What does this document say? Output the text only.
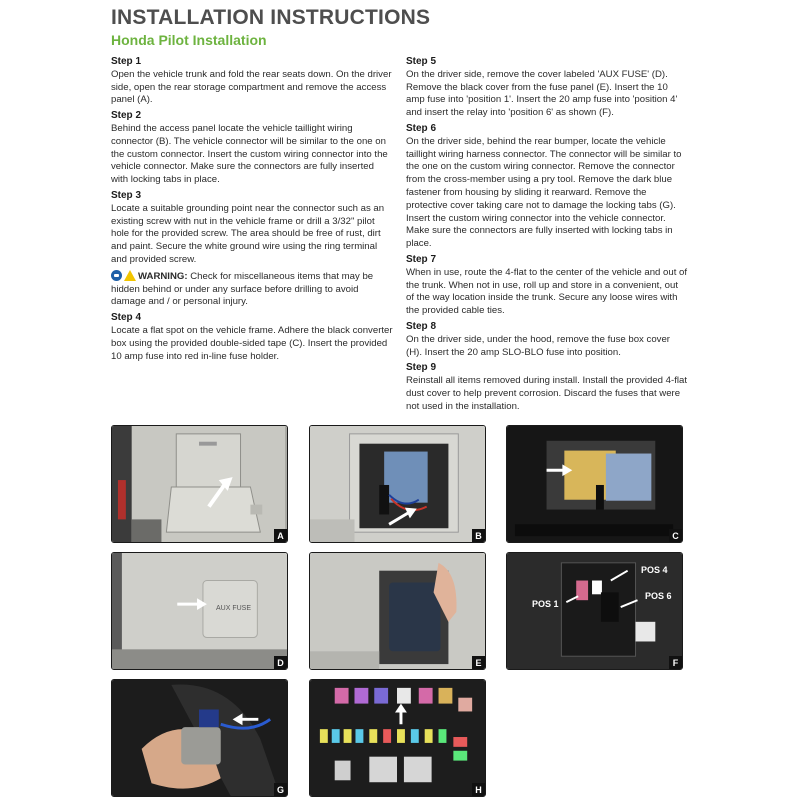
INSTALLATION INSTRUCTIONS
Honda Pilot Installation
Step 1
Open the vehicle trunk and fold the rear seats down. On the driver side, open the rear storage compartment and remove the access panel (A).
Step 2
Behind the access panel locate the vehicle taillight wiring connector (B). The vehicle connector will be similar to the one on the custom connector. Insert the custom wiring connector into the vehicle connector. Make sure the connectors are fully inserted with locking tabs in place.
Step 3
Locate a suitable grounding point near the connector such as an existing screw with nut in the vehicle frame or drill a 3/32" pilot hole for the provided screw. The area should be free of rust, dirt and paint. Secure the white ground wire using the ring terminal and provided screw.
WARNING: Check for miscellaneous items that may be hidden behind or under any surface before drilling to avoid damage and / or personal injury.
Step 4
Locate a flat spot on the vehicle frame. Adhere the black converter box using the provided double-sided tape (C). Insert the provided 10 amp fuse into red in-line fuse holder.
Step 5
On the driver side, remove the cover labeled 'AUX FUSE' (D). Remove the black cover from the fuse panel (E). Insert the 10 amp fuse into 'position 1'. Insert the 20 amp fuse into 'position 4' and insert the relay into 'position 6' as shown (F).
Step 6
On the driver side, behind the rear bumper, locate the vehicle taillight wiring harness connector. The connector will be similar to the one on the custom wiring connector. Remove the connector from the cross-member using a pry tool. Remove the dark blue fastener from housing by sliding it rearward. Remove the protective cover taking care not to damage the locking tabs (G). Insert the custom wiring connector into the vehicle connector. Make sure the connectors are fully inserted with locking tabs in place.
Step 7
When in use, route the 4-flat to the center of the vehicle and out of the trunk. When not in use, roll up and store in a convenient, out of the way location inside the trunk. Secure any loose wires with the provided cable ties.
Step 8
On the driver side, under the hood, remove the fuse box cover (H). Insert the 20 amp SLO-BLO fuse into position.
Step 9
Reinstall all items removed during install. Install the provided 4-flat dust cover to help prevent corrosion. Discard the fuses that were not used in the installation.
A	B	C
AUX FUSE
D	E
POS 4
POS 1
POS 6
F
G	H
